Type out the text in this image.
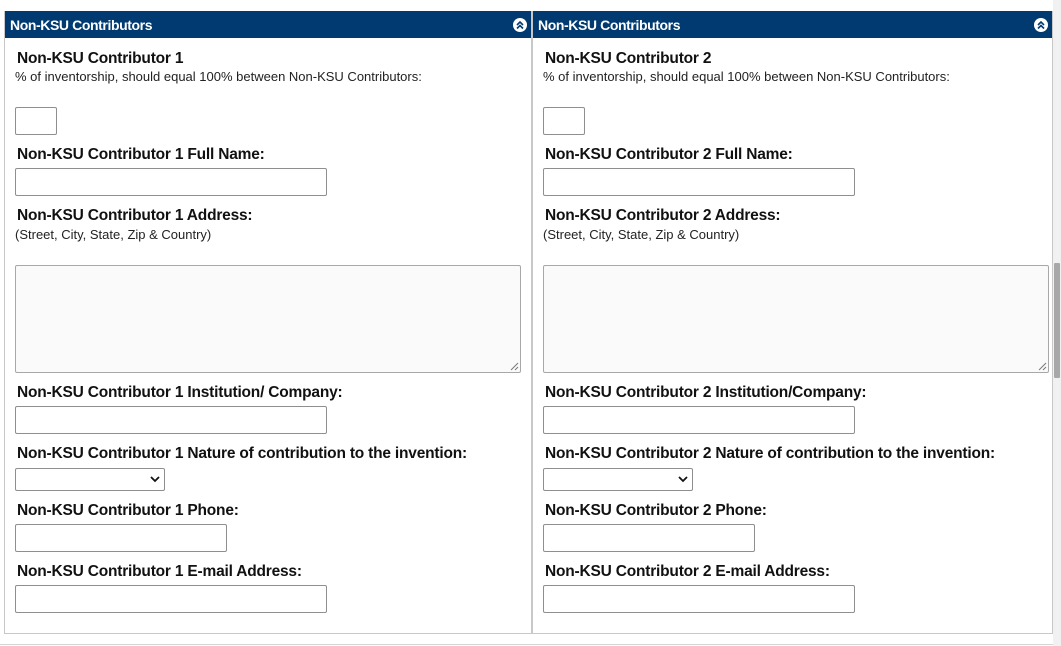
Non-KSU Contributors
Non-KSU Contributor 1
% of inventorship, should equal 100% between Non-KSU Contributors:
Non-KSU Contributor 1 Full Name:
Non-KSU Contributor 1 Address:
(Street, City, State, Zip & Country)
Non-KSU Contributor 1 Institution/ Company:
Non-KSU Contributor 1 Nature of contribution to the invention:
Non-KSU Contributor 1 Phone:
Non-KSU Contributor 1 E-mail Address:
Non-KSU Contributors
Non-KSU Contributor 2
% of inventorship, should equal 100% between Non-KSU Contributors:
Non-KSU Contributor 2 Full Name:
Non-KSU Contributor 2 Address:
(Street, City, State, Zip & Country)
Non-KSU Contributor 2 Institution/Company:
Non-KSU Contributor 2 Nature of contribution to the invention:
Non-KSU Contributor 2 Phone:
Non-KSU Contributor 2 E-mail Address:
